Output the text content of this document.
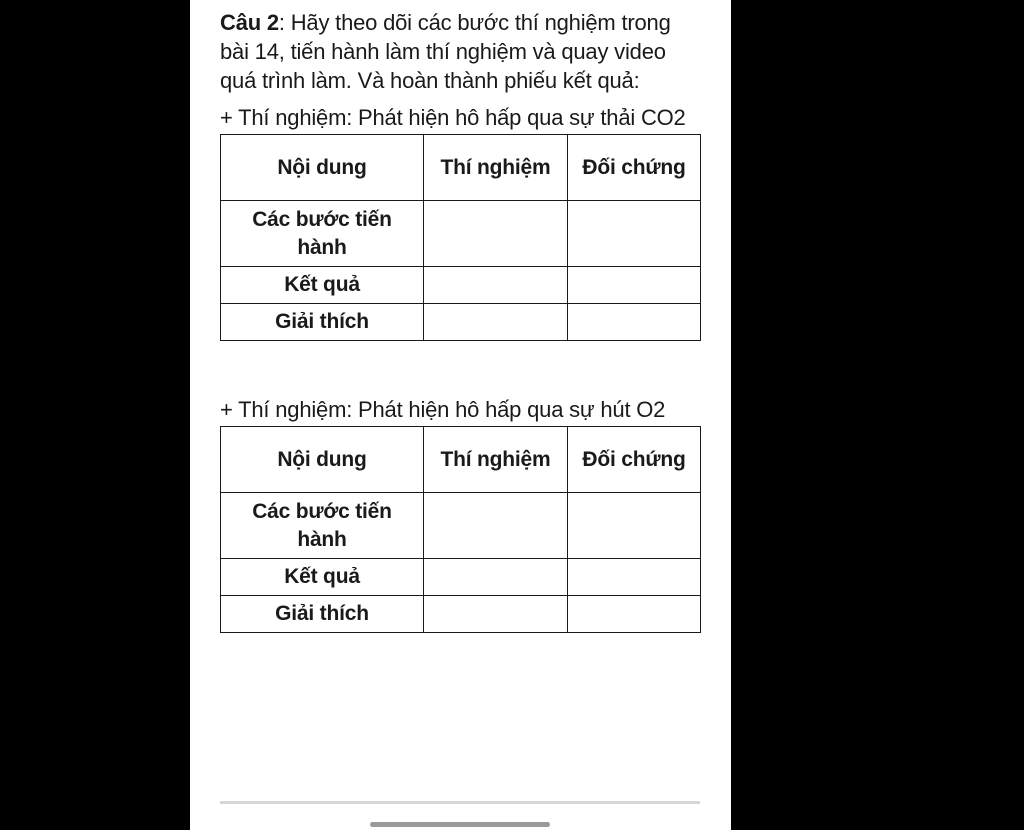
Câu 2: Hãy theo dõi các bước thí nghiệm trong bài 14, tiến hành làm thí nghiệm và quay video quá trình làm. Và hoàn thành phiếu kết quả:

+ Thí nghiệm: Phát hiện hô hấp qua sự thải CO2

Nội dung	Thí nghiệm	Đối chứng
Các bước tiến hành		
Kết quả		
Giải thích		

+ Thí nghiệm: Phát hiện hô hấp qua sự hút O2

Nội dung	Thí nghiệm	Đối chứng
Các bước tiến hành		
Kết quả		
Giải thích		
